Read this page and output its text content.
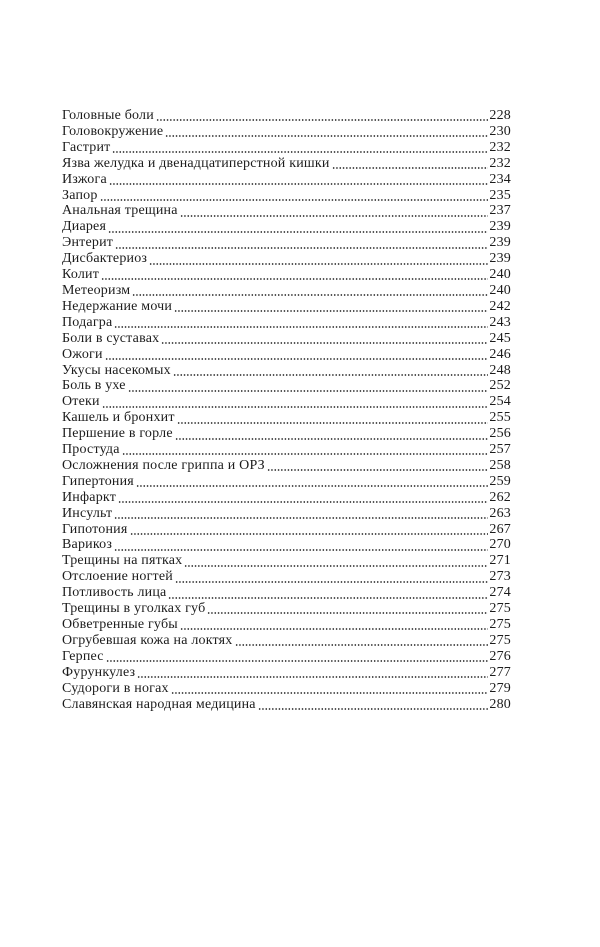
Головные боли	228
Головокружение	230
Гастрит	232
Язва желудка и двенадцатиперстной кишки	232
Изжога	234
Запор	235
Анальная трещина	237
Диарея	239
Энтерит	239
Дисбактериоз	239
Колит	240
Метеоризм	240
Недержание мочи	242
Подагра	243
Боли в суставах	245
Ожоги	246
Укусы насекомых	248
Боль в ухе	252
Отеки	254
Кашель и бронхит	255
Першение в горле	256
Простуда	257
Осложнения после гриппа и ОРЗ	258
Гипертония	259
Инфаркт	262
Инсульт	263
Гипотония	267
Варикоз	270
Трещины на пятках	271
Отслоение ногтей	273
Потливость лица	274
Трещины в уголках губ	275
Обветренные губы	275
Огрубевшая кожа на локтях	275
Герпес	276
Фурункулез	277
Судороги в ногах	279
Славянская народная медицина	280
